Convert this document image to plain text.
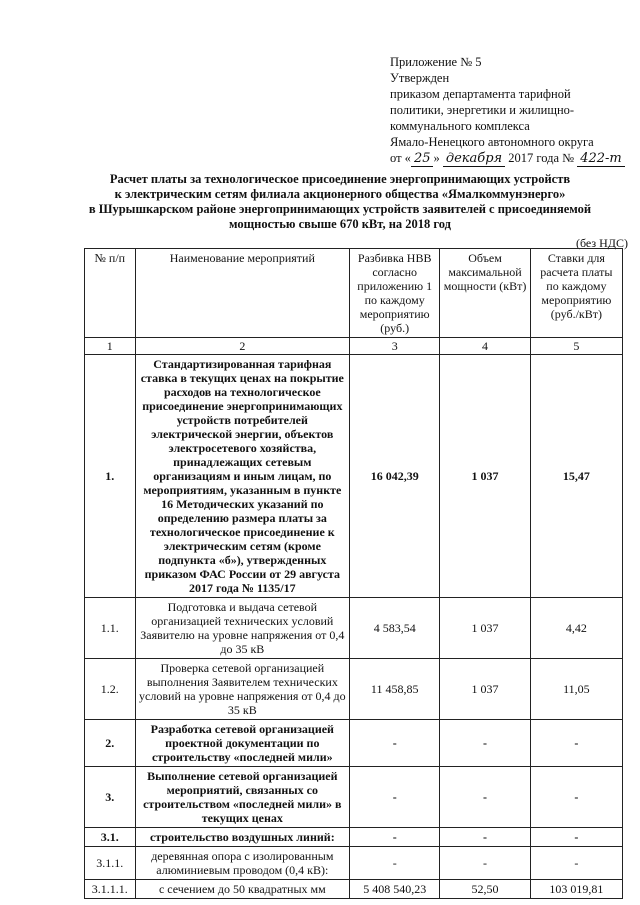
Приложение № 5
Утвержден
приказом департамента тарифной
политики, энергетики и жилищно-
коммунального комплекса
Ямало-Ненецкого автономного округа
от « 25 » декабря 2017 года № 422-т
Расчет платы за технологическое присоединение энергопринимающих устройств
к электрическим сетям филиала акционерного общества «Ямалкоммунэнерго»
в Шурышкарском районе энергопринимающих устройств заявителей с присоединяемой
мощностью свыше 670 кВт, на 2018 год
(без НДС)
№ п/п	Наименование мероприятий	Разбивка НВВ согласно приложению 1 по каждому мероприятию (руб.)	Объем максимальной мощности (кВт)	Ставки для расчета платы по каждому мероприятию (руб./кВт)
1	2	3	4	5
1.	Стандартизированная тарифная ставка в текущих ценах на покрытие расходов на технологическое присоединение энергопринимающих устройств потребителей электрической энергии, объектов электросетевого хозяйства, принадлежащих сетевым организациям и иным лицам, по мероприятиям, указанным в пункте 16 Методических указаний по определению размера платы за технологическое присоединение к электрическим сетям (кроме подпункта «б»), утвержденных приказом ФАС России от 29 августа 2017 года № 1135/17	16 042,39	1 037	15,47
1.1.	Подготовка и выдача сетевой организацией технических условий Заявителю на уровне напряжения от 0,4 до 35 кВ	4 583,54	1 037	4,42
1.2.	Проверка сетевой организацией выполнения Заявителем технических условий на уровне напряжения от 0,4 до 35 кВ	11 458,85	1 037	11,05
2.	Разработка сетевой организацией проектной документации по строительству «последней мили»	-	-	-
3.	Выполнение сетевой организацией мероприятий, связанных со строительством «последней мили» в текущих ценах	-	-	-
3.1.	строительство воздушных линий:	-	-	-
3.1.1.	деревянная опора с изолированным алюминиевым проводом (0,4 кВ):	-	-	-
3.1.1.1.	с сечением до 50 квадратных мм	5 408 540,23	52,50	103 019,81
